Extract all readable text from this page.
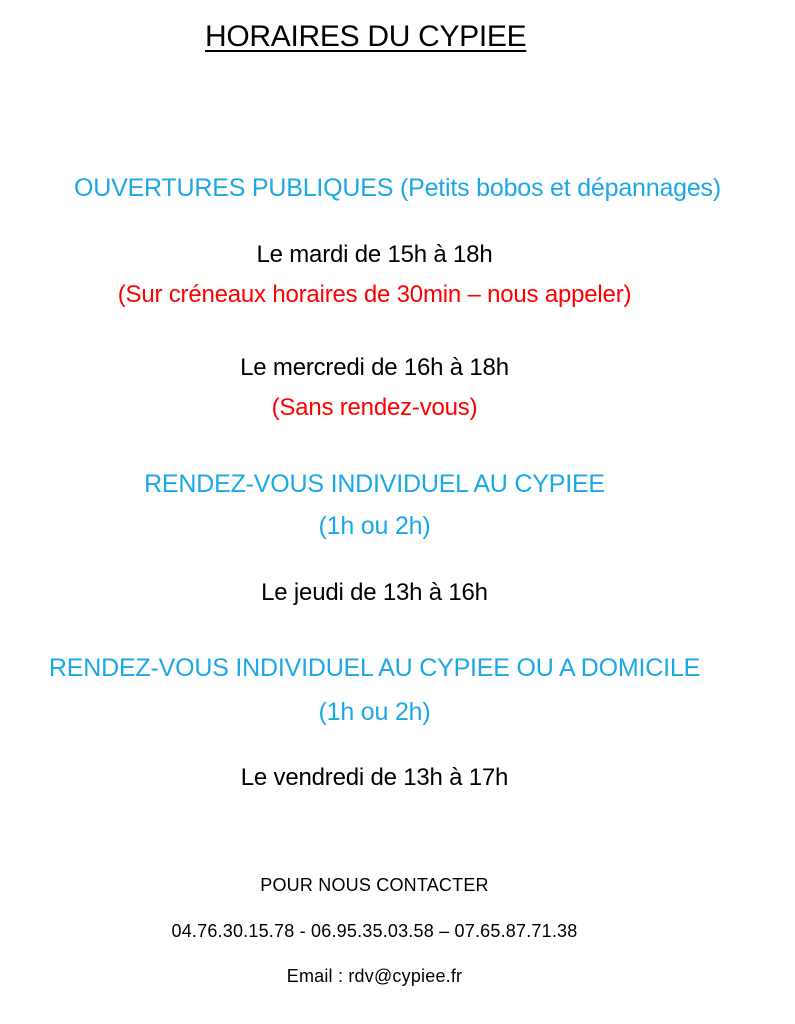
HORAIRES DU CYPIEE
OUVERTURES PUBLIQUES (Petits bobos et dépannages)
Le mardi de 15h à 18h
(Sur créneaux horaires de 30min – nous appeler)
Le mercredi de 16h à 18h
(Sans rendez-vous)
RENDEZ-VOUS INDIVIDUEL AU CYPIEE
(1h ou 2h)
Le jeudi de 13h à 16h
RENDEZ-VOUS INDIVIDUEL AU CYPIEE OU A DOMICILE
(1h ou 2h)
Le vendredi de 13h à 17h
POUR NOUS CONTACTER
04.76.30.15.78 - 06.95.35.03.58 – 07.65.87.71.38
Email : rdv@cypiee.fr
